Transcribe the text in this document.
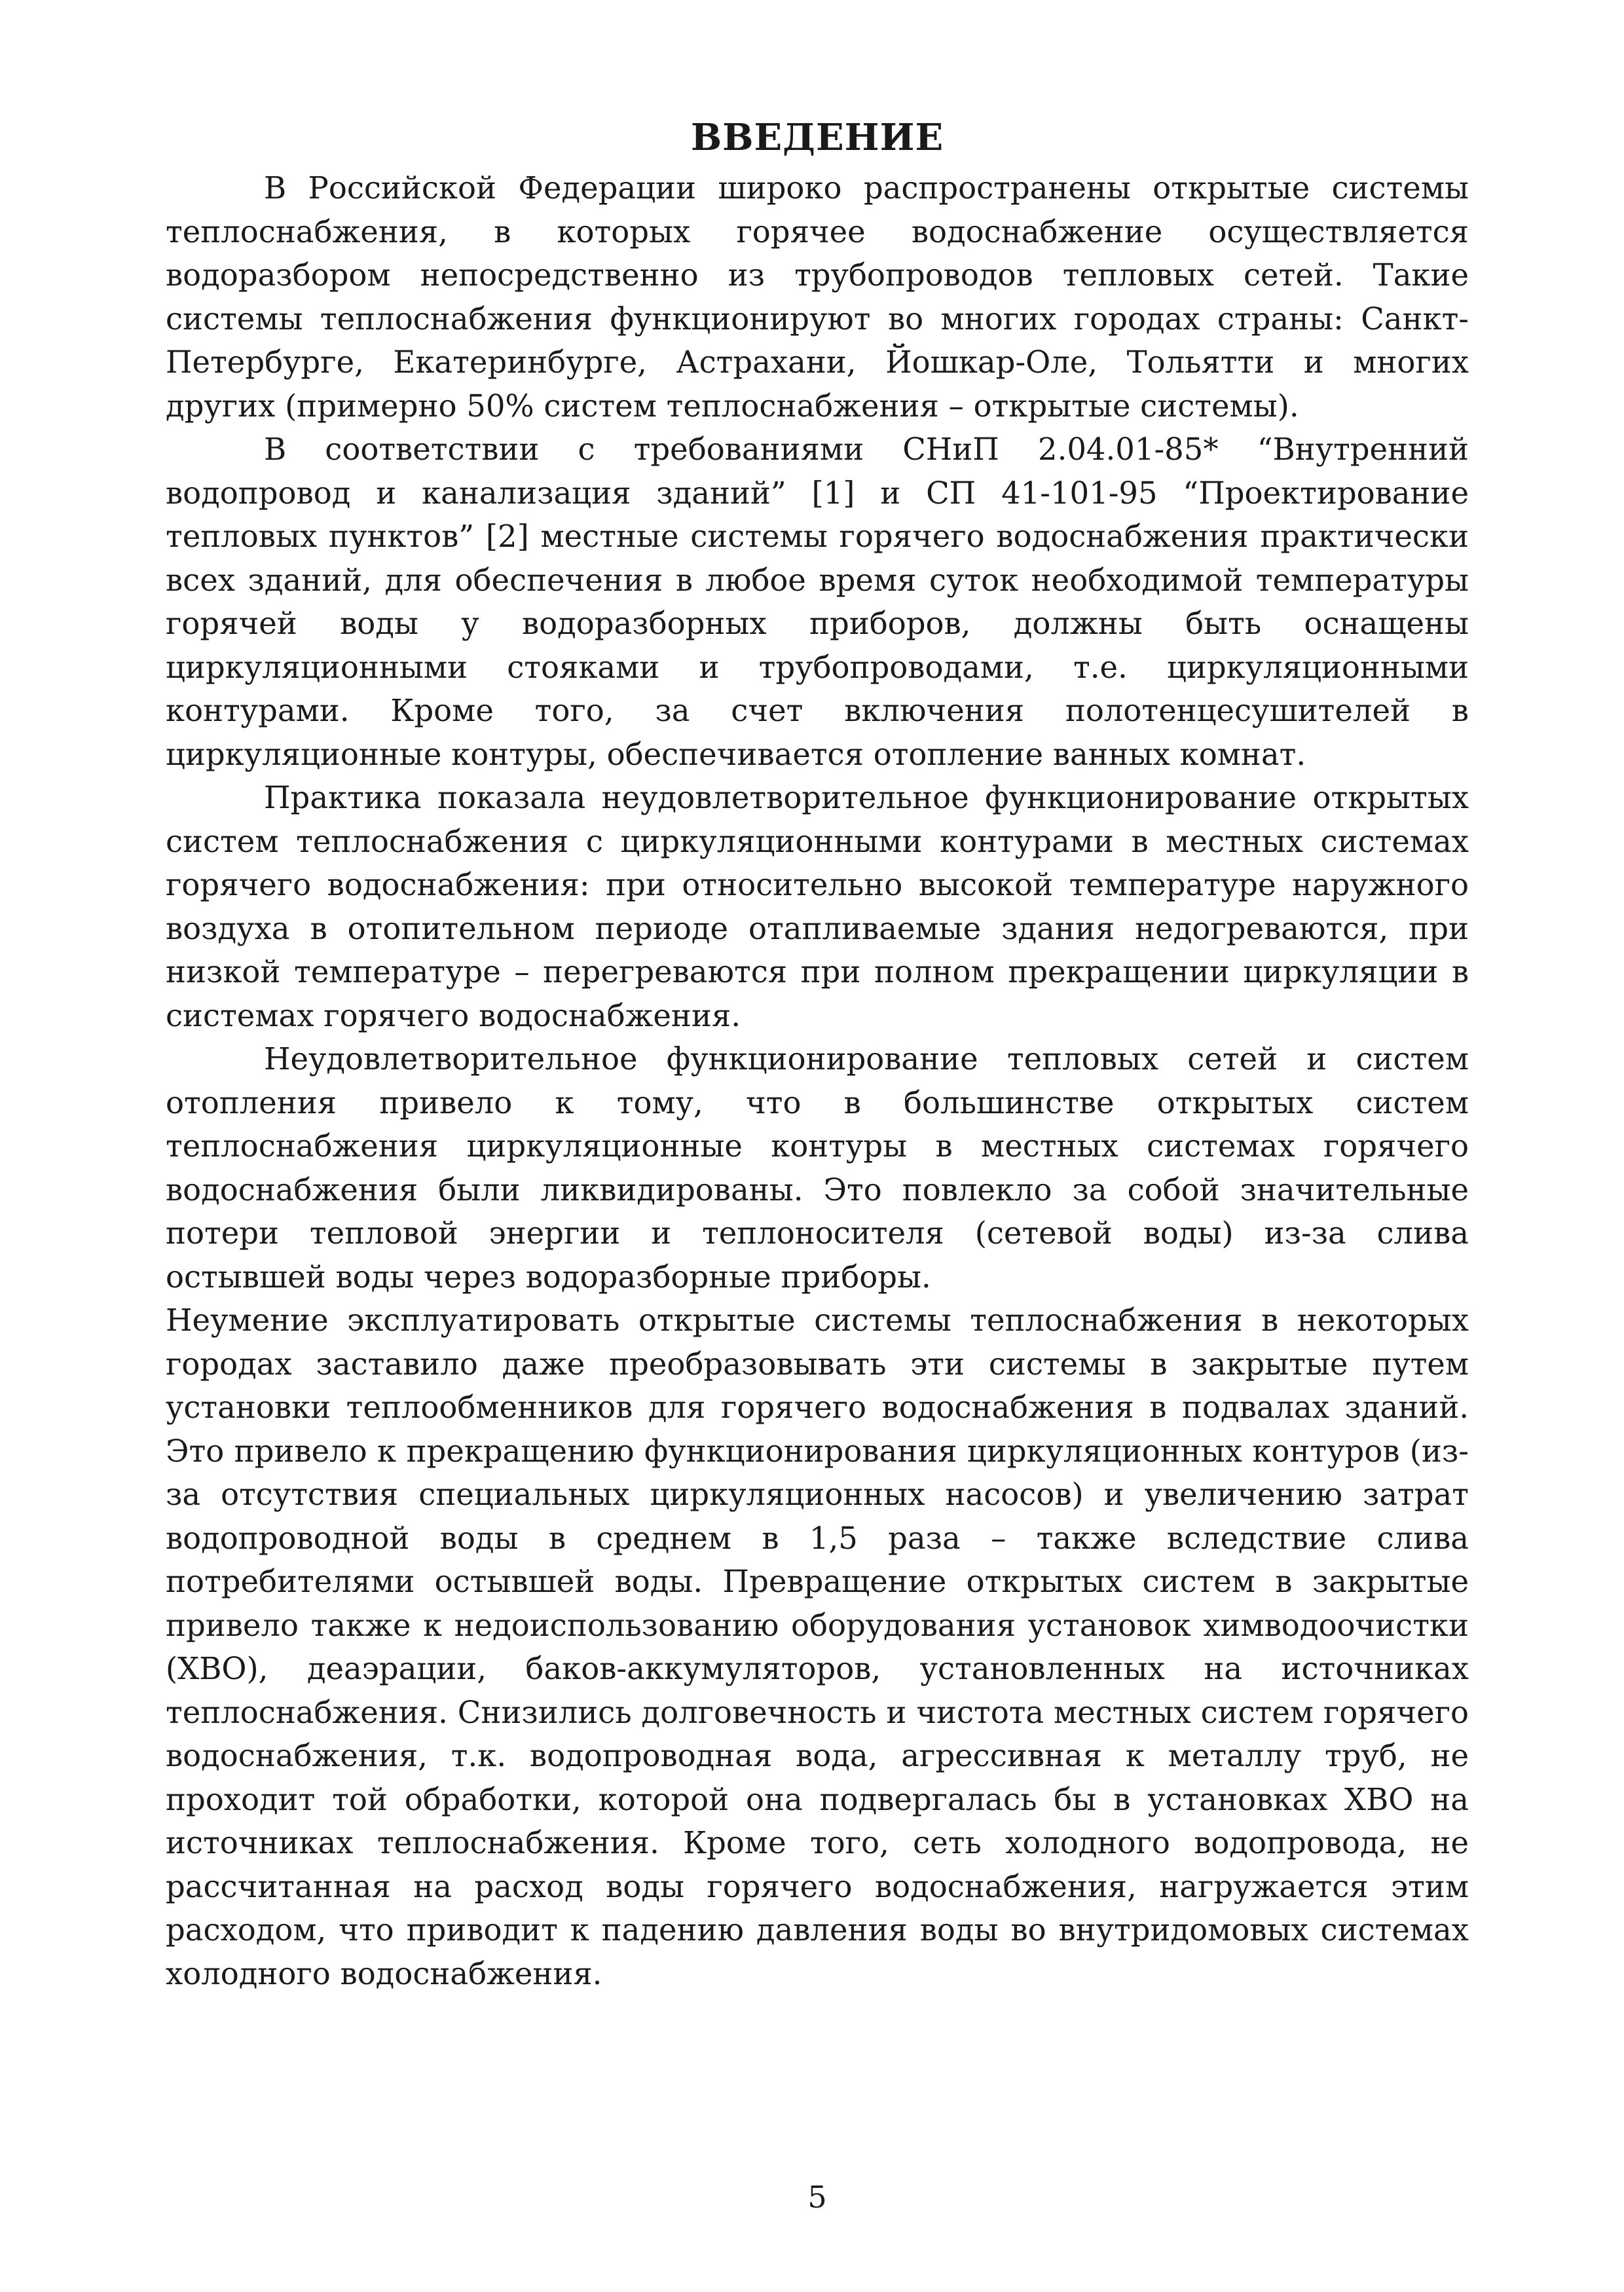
ВВЕДЕНИЕ

В Российской Федерации широко распространены открытые системы теплоснабжения, в которых горячее водоснабжение осуществляется водоразбором непосредственно из трубопроводов тепловых сетей. Такие системы теплоснабжения функционируют во многих городах страны: Санкт-Петербурге, Екатеринбурге, Астрахани, Йошкар-Оле, Тольятти и многих других (примерно 50% систем теплоснабжения – открытые системы).

В соответствии с требованиями СНиП 2.04.01-85* “Внутренний водопровод и канализация зданий” [1] и СП 41-101-95 “Проектирование тепловых пунктов” [2] местные системы горячего водоснабжения практически всех зданий, для обеспечения в любое время суток необходимой температуры горячей воды у водоразборных приборов, должны быть оснащены циркуляционными стояками и трубопроводами, т.е. циркуляционными контурами. Кроме того, за счет включения полотенцесушителей в циркуляционные контуры, обеспечивается отопление ванных комнат.

Практика показала неудовлетворительное функционирование открытых систем теплоснабжения с циркуляционными контурами в местных системах горячего водоснабжения: при относительно высокой температуре наружного воздуха в отопительном периоде отапливаемые здания недогреваются, при низкой температуре – перегреваются при полном прекращении циркуляции в системах горячего водоснабжения.

Неудовлетворительное функционирование тепловых сетей и систем отопления привело к тому, что в большинстве открытых систем теплоснабжения циркуляционные контуры в местных системах горячего водоснабжения были ликвидированы. Это повлекло за собой значительные потери тепловой энергии и теплоносителя (сетевой воды) из-за слива остывшей воды через водоразборные приборы.

Неумение эксплуатировать открытые системы теплоснабжения в некоторых городах заставило даже преобразовывать эти системы в закрытые путем установки теплообменников для горячего водоснабжения в подвалах зданий. Это привело к прекращению функционирования циркуляционных контуров (из-за отсутствия специальных циркуляционных насосов) и увеличению затрат водопроводной воды в среднем в 1,5 раза – также вследствие слива потребителями остывшей воды. Превращение открытых систем в закрытые привело также к недоиспользованию оборудования установок химводоочистки (ХВО), деаэрации, баков-аккумуляторов, установленных на источниках теплоснабжения. Снизились долговечность и чистота местных систем горячего водоснабжения, т.к. водопроводная вода, агрессивная к металлу труб, не проходит той обработки, которой она подвергалась бы в установках ХВО на источниках теплоснабжения. Кроме того, сеть холодного водопровода, не рассчитанная на расход воды горячего водоснабжения, нагружается этим расходом, что приводит к падению давления воды во внутридомовых системах холодного водоснабжения.

5
